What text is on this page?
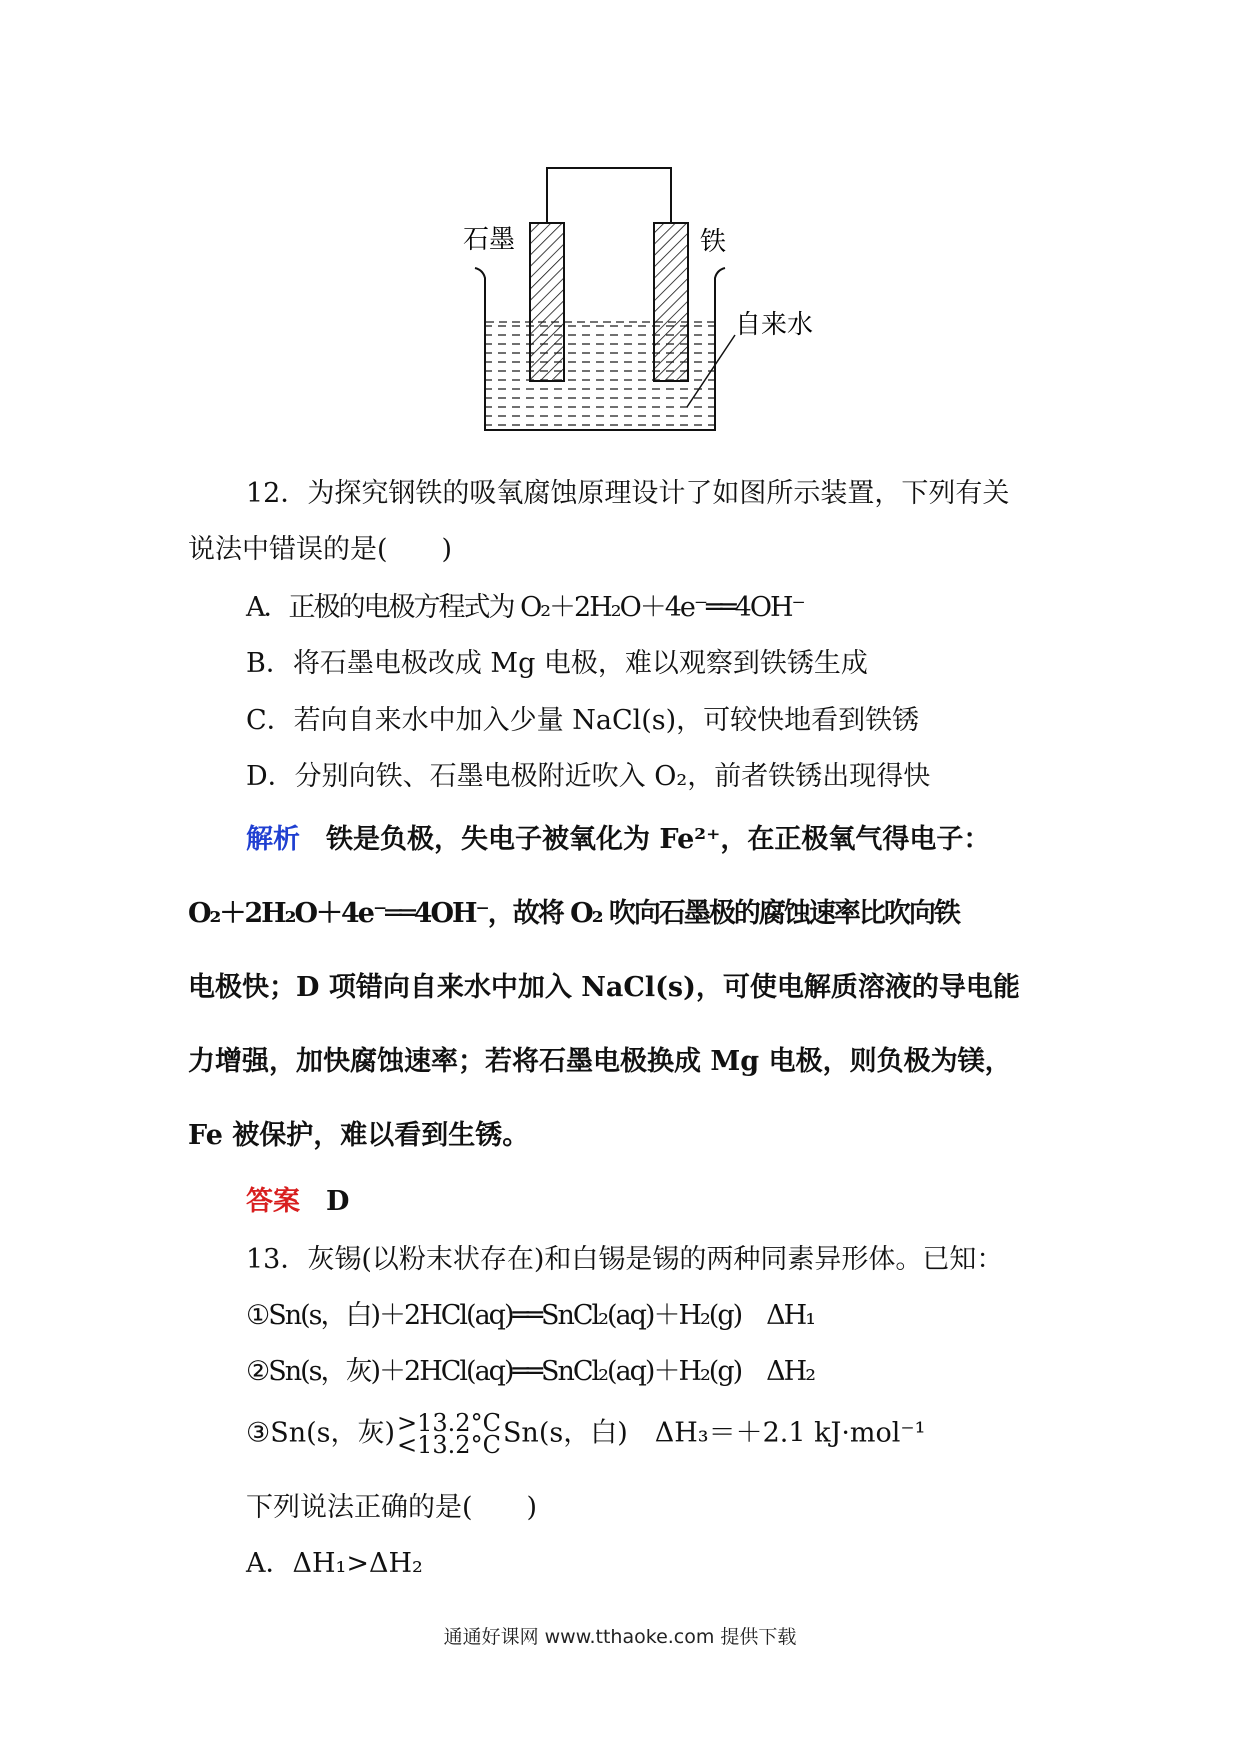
石墨	铁
自来水
12．为探究钢铁的吸氧腐蚀原理设计了如图所示装置，下列有关
说法中错误的是(　　)
A．正极的电极方程式为 O₂＋2H₂O＋4e⁻══4OH⁻
B．将石墨电极改成 Mg 电极，难以观察到铁锈生成
C．若向自来水中加入少量 NaCl(s)，可较快地看到铁锈
D．分别向铁、石墨电极附近吹入 O₂，前者铁锈出现得快
解析 铁是负极，失电子被氧化为 Fe²⁺，在正极氧气得电子：
O₂＋2H₂O＋4e⁻══4OH⁻，故将 O₂ 吹向石墨极的腐蚀速率比吹向铁
电极快；D 项错向自来水中加入 NaCl(s)，可使电解质溶液的导电能
力增强，加快腐蚀速率；若将石墨电极换成 Mg 电极，则负极为镁，
Fe 被保护，难以看到生锈。
答案 D
13．灰锡(以粉末状存在)和白锡是锡的两种同素异形体。已知：
①Sn(s，白)＋2HCl(aq)══SnCl₂(aq)＋H₂(g)　ΔH₁
②Sn(s，灰)＋2HCl(aq)══SnCl₂(aq)＋H₂(g)　ΔH₂
③Sn(s，灰) >13.2°C
<13.2°C Sn(s，白)　ΔH₃＝＋2.1 kJ·mol⁻¹
下列说法正确的是(　　)
A．ΔH₁>ΔH₂
通通好课网 www.tthaoke.com 提供下载
